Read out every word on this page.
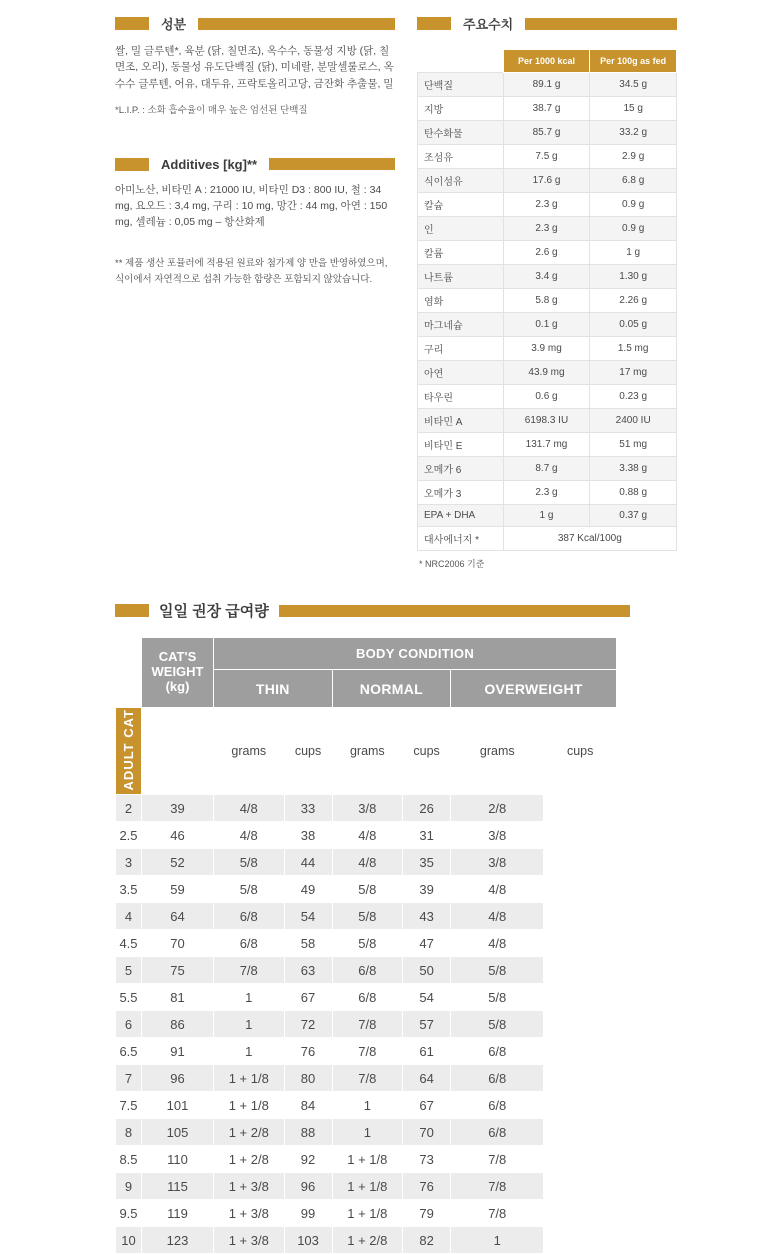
성분

쌀, 밀 글루텐*, 육분 (닭, 칠면조), 옥수수, 동물성 지방 (닭, 칠면조, 오리), 동물성 유도단백질 (닭), 미네랄, 분말셀룰로스, 옥수수 글루텐, 어유, 대두유, 프락토올리고당, 금잔화 추출물, 밀

*L.I.P. : 소화 흡수율이 매우 높은 엄선된 단백질

Additives [kg]**

아미노산, 비타민 A : 21000 IU, 비타민 D3 : 800 IU, 철 : 34 mg, 요오드 : 3,4 mg, 구리 : 10 mg, 망간 : 44 mg, 아연 : 150 mg, 셀레늄 : 0,05 mg – 항산화제

** 제품 생산 포뮬러에 적용된 원료와 첨가제 양 만을 반영하였으며, 식이에서 자연적으로 섭취 가능한 함량은 포함되지 않았습니다.

주요수치
	Per 1000 kcal	Per 100g as fed
단백질	89.1 g	34.5 g
지방	38.7 g	15 g
탄수화물	85.7 g	33.2 g
조섬유	7.5 g	2.9 g
식이섬유	17.6 g	6.8 g
칼슘	2.3 g	0.9 g
인	2.3 g	0.9 g
칼륨	2.6 g	1 g
나트륨	3.4 g	1.30 g
염화	5.8 g	2.26 g
마그네슘	0.1 g	0.05 g
구리	3.9 mg	1.5 mg
아연	43.9 mg	17 mg
타우린	0.6 g	0.23 g
비타민 A	6198.3 IU	2400 IU
비타민 E	131.7 mg	51 mg
오메가 6	8.7 g	3.38 g
오메가 3	2.3 g	0.88 g
EPA + DHA	1 g	0.37 g
대사에너지 *	387 Kcal/100g	
* NRC2006 기준
일일 권장 급여량
	CAT'S
WEIGHT
(kg)	BODY CONDITION					
		THIN		NORMAL		OVERWEIGHT	
ADULT CAT		grams	cups	grams	cups	grams	cups
2	39	4/8	33	3/8	26	2/8	
2.5	46	4/8	38	4/8	31	3/8	
3	52	5/8	44	4/8	35	3/8	
3.5	59	5/8	49	5/8	39	4/8	
4	64	6/8	54	5/8	43	4/8	
4.5	70	6/8	58	5/8	47	4/8	
5	75	7/8	63	6/8	50	5/8	
5.5	81	1	67	6/8	54	5/8	
6	86	1	72	7/8	57	5/8	
6.5	91	1	76	7/8	61	6/8	
7	96	1 + 1/8	80	7/8	64	6/8	
7.5	101	1 + 1/8	84	1	67	6/8	
8	105	1 + 2/8	88	1	70	6/8	
8.5	110	1 + 2/8	92	1 + 1/8	73	7/8	
9	115	1 + 3/8	96	1 + 1/8	76	7/8	
9.5	119	1 + 3/8	99	1 + 1/8	79	7/8	
10	123	1 + 3/8	103	1 + 2/8	82	1	
